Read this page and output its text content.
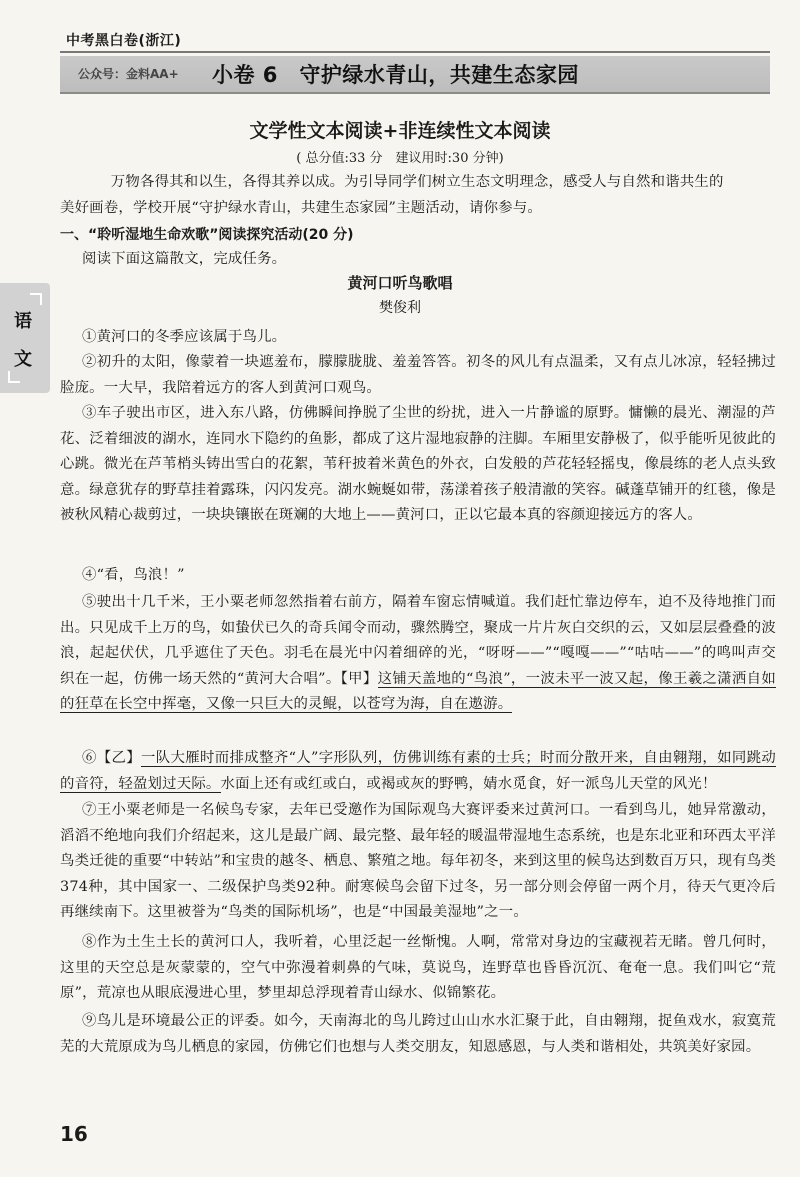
中考黑白卷(浙江)
公众号：金料AA+ 小卷 6　守护绿水青山，共建生态家园
语
文
文学性文本阅读+非连续性文本阅读
( 总分值:33 分　建议用时:30 分钟)
万物各得其和以生，各得其养以成。为引导同学们树立生态文明理念，感受人与自然和谐共生的
美好画卷，学校开展“守护绿水青山，共建生态家园”主题活动，请你参与。
一、“聆听湿地生命欢歌”阅读探究活动(20 分)
阅读下面这篇散文，完成任务。
黄河口听鸟歌唱
樊俊利
①黄河口的冬季应该属于鸟儿。
②初升的太阳，像蒙着一块遮羞布，朦朦胧胧、羞羞答答。初冬的风儿有点温柔，又有点儿冰凉，轻轻拂过脸庞。一大早，我陪着远方的客人到黄河口观鸟。
③车子驶出市区，进入东八路，仿佛瞬间挣脱了尘世的纷扰，进入一片静谧的原野。慵懒的晨光、潮湿的芦花、泛着细波的湖水，连同水下隐约的鱼影，都成了这片湿地寂静的注脚。车厢里安静极了，似乎能听见彼此的心跳。微光在芦苇梢头铸出雪白的花絮，苇秆披着米黄色的外衣，白发般的芦花轻轻摇曳，像晨练的老人点头致意。绿意犹存的野草挂着露珠，闪闪发亮。湖水蜿蜒如带，荡漾着孩子般清澈的笑容。碱蓬草铺开的红毯，像是被秋风精心裁剪过，一块块镶嵌在斑斓的大地上——黄河口，正以它最本真的容颜迎接远方的客人。
④“看，鸟浪！”
⑤驶出十几千米，王小粟老师忽然指着右前方，隔着车窗忘情喊道。我们赶忙靠边停车，迫不及待地推门而出。只见成千上万的鸟，如蛰伏已久的奇兵闻令而动，骤然腾空，聚成一片片灰白交织的云，又如层层叠叠的波浪，起起伏伏，几乎遮住了天色。羽毛在晨光中闪着细碎的光，“呀呀——”“嘎嘎——”“咕咕——”的鸣叫声交织在一起，仿佛一场天然的“黄河大合唱”。【甲】这铺天盖地的“鸟浪”，一波未平一波又起，像王羲之潇洒自如的狂草在长空中挥毫，又像一只巨大的灵鲲，以苍穹为海，自在遨游。
⑥【乙】一队大雁时而排成整齐“人”字形队列，仿佛训练有素的士兵；时而分散开来，自由翱翔，如同跳动的音符，轻盈划过天际。水面上还有或红或白，或褐或灰的野鸭，婧水觅食，好一派鸟儿天堂的风光！
⑦王小粟老师是一名候鸟专家，去年已受邀作为国际观鸟大赛评委来过黄河口。一看到鸟儿，她异常激动，滔滔不绝地向我们介绍起来，这儿是最广阔、最完整、最年轻的暖温带湿地生态系统，也是东北亚和环西太平洋鸟类迁徙的重要“中转站”和宝贵的越冬、栖息、繁殖之地。每年初冬，来到这里的候鸟达到数百万只，现有鸟类374种，其中国家一、二级保护鸟类92种。耐寒候鸟会留下过冬，另一部分则会停留一两个月，待天气更冷后再继续南下。这里被誉为“鸟类的国际机场”，也是“中国最美湿地”之一。
⑧作为土生土长的黄河口人，我听着，心里泛起一丝惭愧。人啊，常常对身边的宝藏视若无睹。曾几何时，这里的天空总是灰蒙蒙的，空气中弥漫着刺鼻的气味，莫说鸟，连野草也昏昏沉沉、奄奄一息。我们叫它“荒原”，荒凉也从眼底漫进心里，梦里却总浮现着青山绿水、似锦繁花。
⑨鸟儿是环境最公正的评委。如今，天南海北的鸟儿跨过山山水水汇聚于此，自由翱翔，捉鱼戏水，寂寞荒芜的大荒原成为鸟儿栖息的家园，仿佛它们也想与人类交朋友，知恩感恩，与人类和谐相处，共筑美好家园。
16
